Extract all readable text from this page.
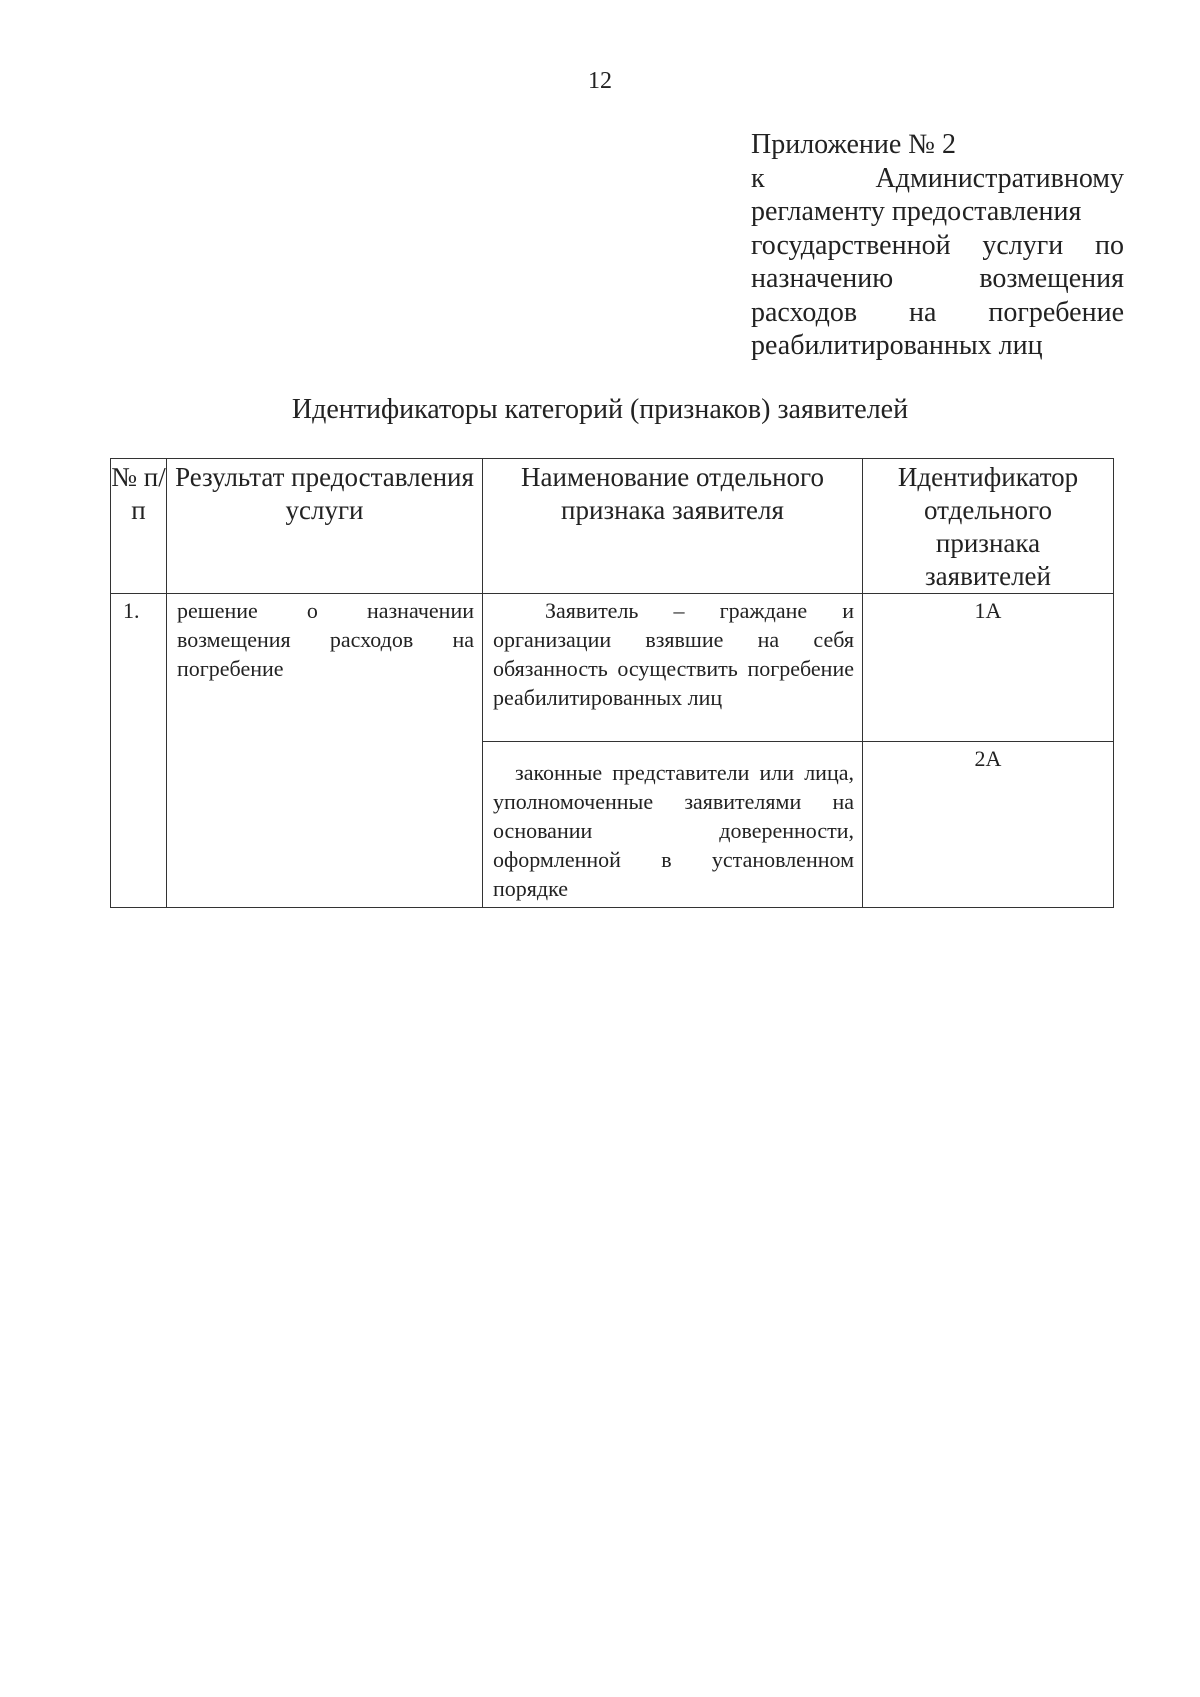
12
Приложение № 2
к Административному
регламенту предоставления
государственной услуги по
назначению возмещения
расходов на погребение
реабилитированных лиц
Идентификаторы категорий (признаков) заявителей
№ п/п	Результат предоставления услуги	Наименование отдельного признака заявителя	Идентификатор отдельного признака заявителей

1.	решение о назначении возмещения расходов на погребение	Заявитель – граждане и организации взявшие на себя обязанность осуществить погребение реабилитированных лиц	1А
		законные представители или лица, уполномоченные заявителями на основании доверенности, оформленной в установленном порядке	2А
